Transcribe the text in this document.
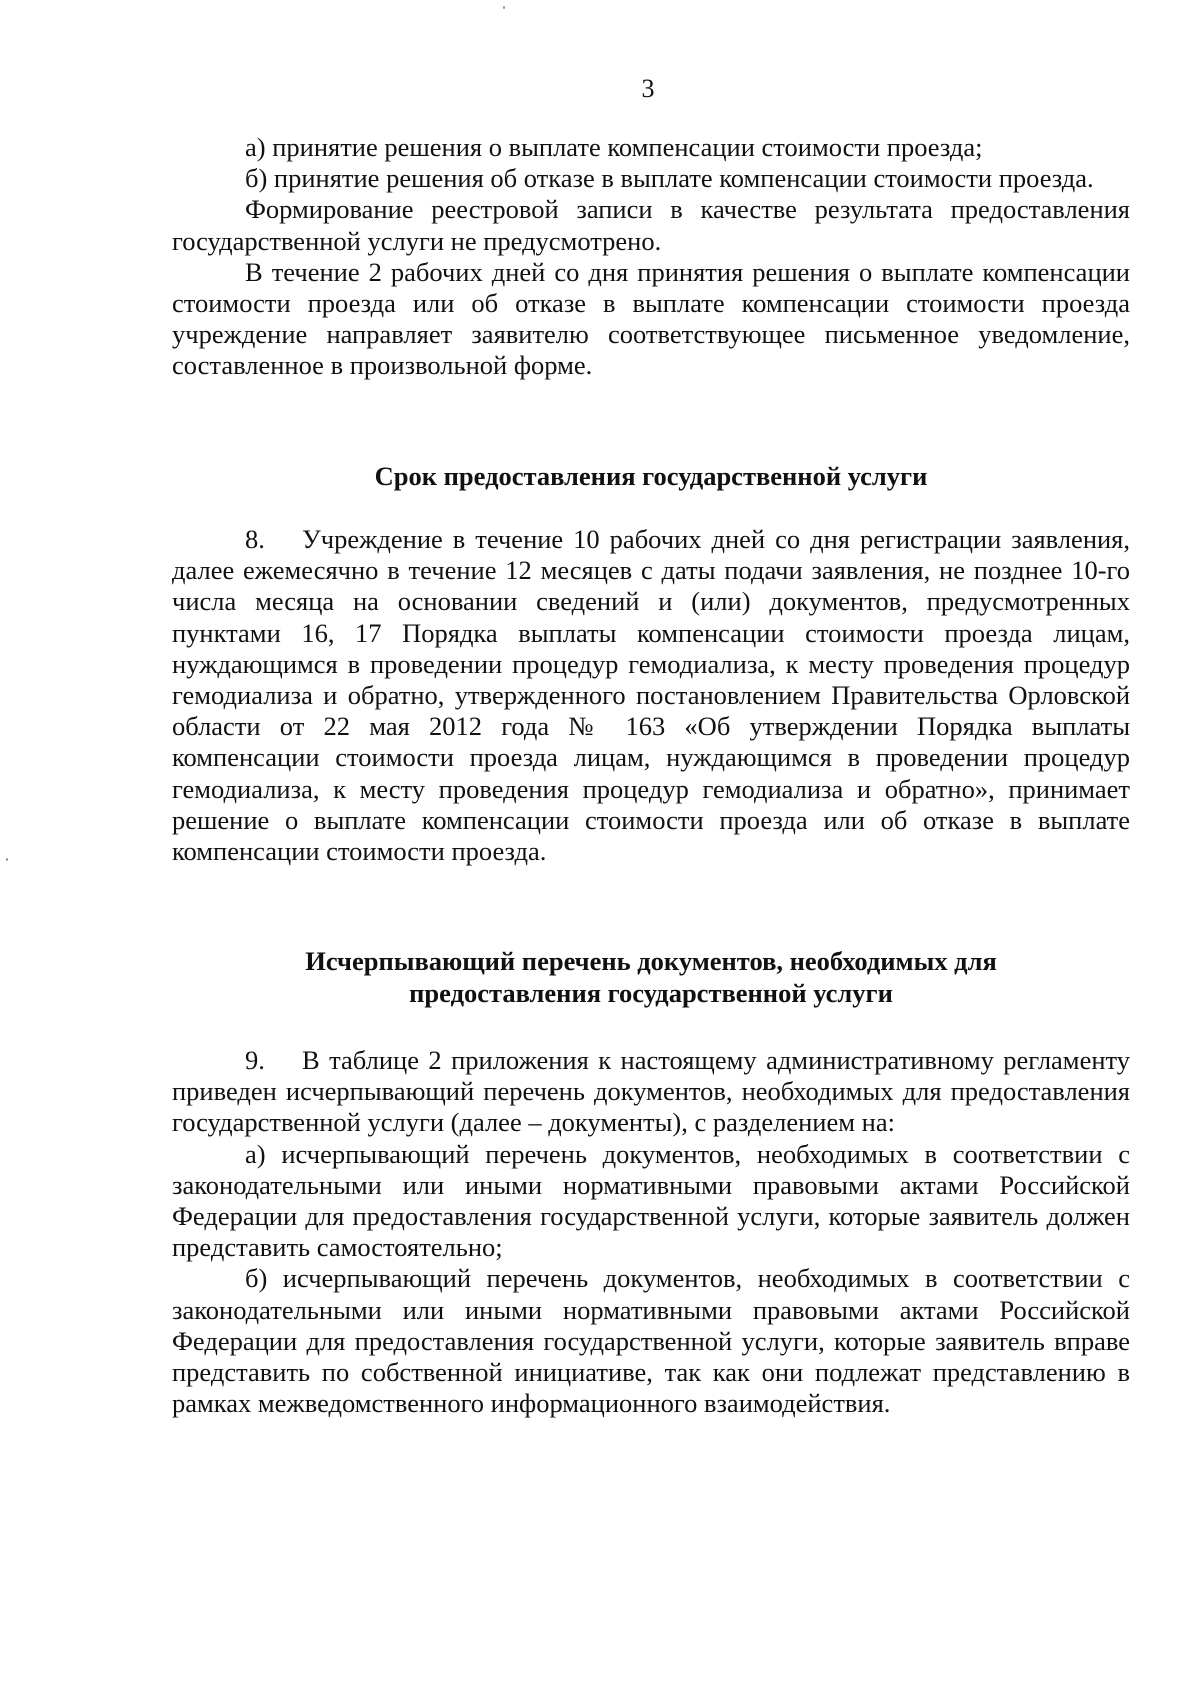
3

а) принятие решения о выплате компенсации стоимости проезда;

б) принятие решения об отказе в выплате компенсации стоимости проезда.

Формирование реестровой записи в качестве результата предоставления государственной услуги не предусмотрено.

В течение 2 рабочих дней со дня принятия решения о выплате компенсации стоимости проезда или об отказе в выплате компенсации стоимости проезда учреждение направляет заявителю соответствующее письменное уведомление, составленное в произвольной форме.

Срок предоставления государственной услуги

8. Учреждение в течение 10 рабочих дней со дня регистрации заявления, далее ежемесячно в течение 12 месяцев с даты подачи заявления, не позднее 10-го числа месяца на основании сведений и (или) документов, предусмотренных пунктами 16, 17 Порядка выплаты компенсации стоимости проезда лицам, нуждающимся в проведении процедур гемодиализа, к месту проведения процедур гемодиализа и обратно, утвержденного постановлением Правительства Орловской области от 22 мая 2012 года № 163 «Об утверждении Порядка выплаты компенсации стоимости проезда лицам, нуждающимся в проведении процедур гемодиализа, к месту проведения процедур гемодиализа и обратно», принимает решение о выплате компенсации стоимости проезда или об отказе в выплате компенсации стоимости проезда.

Исчерпывающий перечень документов, необходимых для
предоставления государственной услуги

9. В таблице 2 приложения к настоящему административному регламенту приведен исчерпывающий перечень документов, необходимых для предоставления государственной услуги (далее – документы), с разделением на:

а) исчерпывающий перечень документов, необходимых в соответствии с законодательными или иными нормативными правовыми актами Российской Федерации для предоставления государственной услуги, которые заявитель должен представить самостоятельно;

б) исчерпывающий перечень документов, необходимых в соответствии с законодательными или иными нормативными правовыми актами Российской Федерации для предоставления государственной услуги, которые заявитель вправе представить по собственной инициативе, так как они подлежат представлению в рамках межведомственного информационного взаимодействия.
